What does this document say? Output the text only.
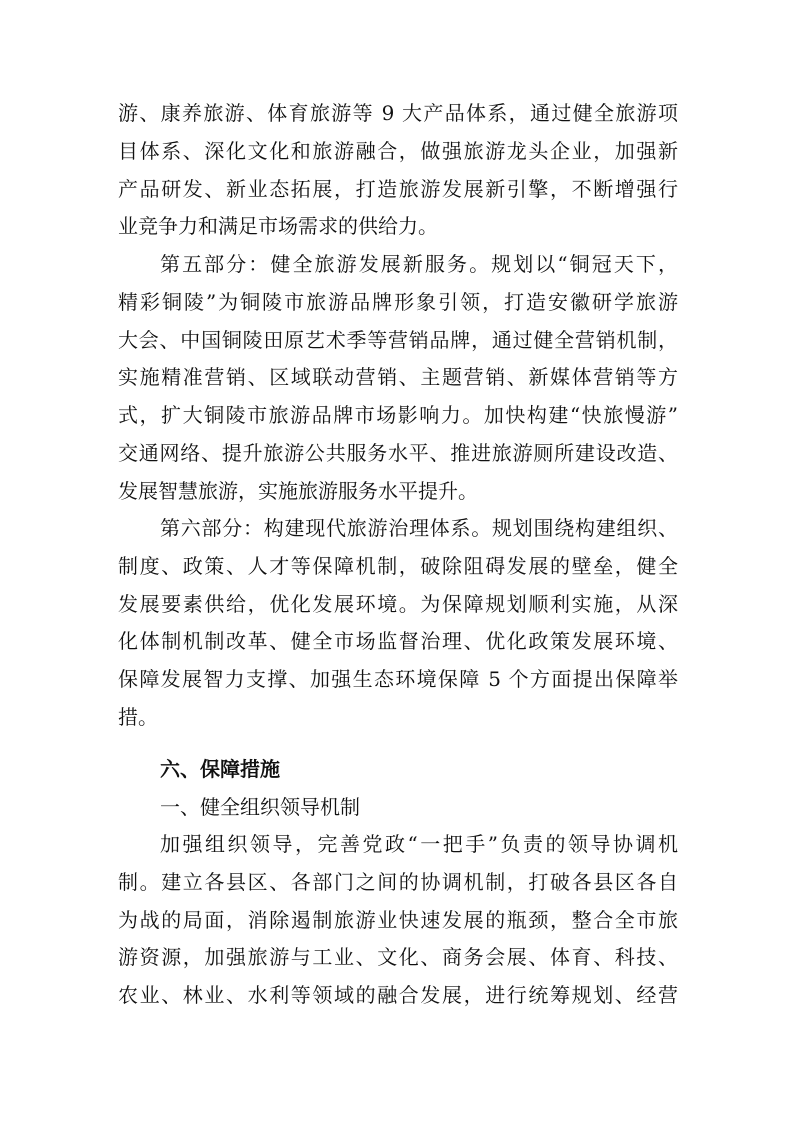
游、康养旅游、体育旅游等 9 大产品体系，通过健全旅游项
目体系、深化文化和旅游融合，做强旅游龙头企业，加强新
产品研发、新业态拓展，打造旅游发展新引擎，不断增强行
业竞争力和满足市场需求的供给力。
第五部分：健全旅游发展新服务。规划以“铜冠天下，
精彩铜陵”为铜陵市旅游品牌形象引领，打造安徽研学旅游
大会、中国铜陵田原艺术季等营销品牌，通过健全营销机制，
实施精准营销、区域联动营销、主题营销、新媒体营销等方
式，扩大铜陵市旅游品牌市场影响力。加快构建“快旅慢游”
交通网络、提升旅游公共服务水平、推进旅游厕所建设改造、
发展智慧旅游，实施旅游服务水平提升。
第六部分：构建现代旅游治理体系。规划围绕构建组织、
制度、政策、人才等保障机制，破除阻碍发展的壁垒，健全
发展要素供给，优化发展环境。为保障规划顺利实施，从深
化体制机制改革、健全市场监督治理、优化政策发展环境、
保障发展智力支撑、加强生态环境保障 5 个方面提出保障举
措。
六、保障措施
一、健全组织领导机制
加强组织领导，完善党政“一把手”负责的领导协调机
制。建立各县区、各部门之间的协调机制，打破各县区各自
为战的局面，消除遏制旅游业快速发展的瓶颈，整合全市旅
游资源，加强旅游与工业、文化、商务会展、体育、科技、
农业、林业、水利等领域的融合发展，进行统筹规划、经营
